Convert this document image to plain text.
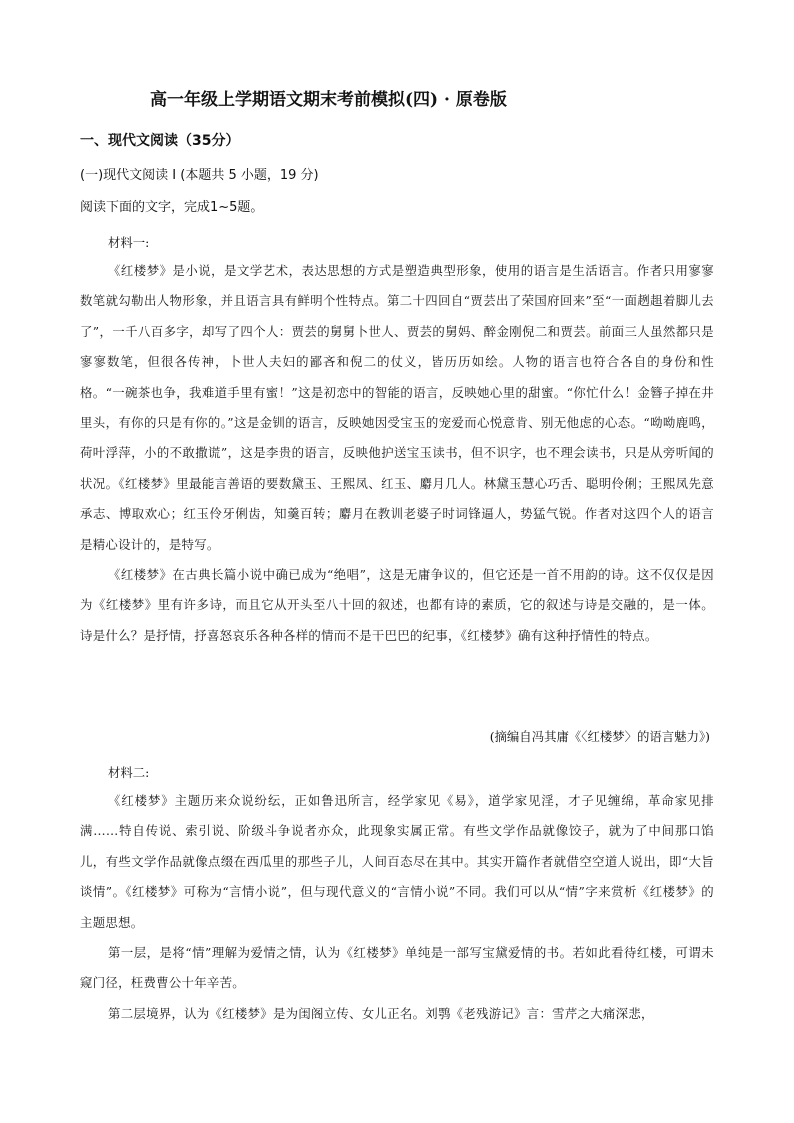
高一年级上学期语文期末考前模拟(四) · 原卷版
一、现代文阅读（35分）
(一)现代文阅读 I (本题共 5 小题，19 分)
阅读下面的文字，完成1~5题。
材料一:

《红楼梦》是小说，是文学艺术，表达思想的方式是塑造典型形象，使用的语言是生活语言。作者只用寥寥数笔就勾勒出人物形象，并且语言具有鲜明个性特点。第二十四回自“贾芸出了荣国府回来”至“一面趔趄着脚儿去了”，一千八百多字，却写了四个人：贾芸的舅舅卜世人、贾芸的舅妈、醉金刚倪二和贾芸。前面三人虽然都只是寥寥数笔，但很各传神，卜世人夫妇的鄙吝和倪二的仗义，皆历历如绘。人物的语言也符合各自的身份和性格。“一碗茶也争，我难道手里有蜜！”这是初恋中的智能的语言，反映她心里的甜蜜。“你忙什么！金簪子掉在井里头，有你的只是有你的。”这是金钏的语言，反映她因受宝玉的宠爱而心悦意肯、别无他虑的心态。“呦呦鹿鸣，荷叶浮萍，小的不敢撒谎”，这是李贵的语言，反映他护送宝玉读书，但不识字，也不理会读书，只是从旁听闻的状况。《红楼梦》里最能言善语的要数黛玉、王熙凤、红玉、麝月几人。林黛玉慧心巧舌、聪明伶俐；王熙凤先意承志、博取欢心；红玉伶牙俐齿，知羹百转；麝月在教训老婆子时词锋逼人，势猛气锐。作者对这四个人的语言是精心设计的，是特写。

《红楼梦》在古典长篇小说中确已成为“绝唱”，这是无庸争议的，但它还是一首不用韵的诗。这不仅仅是因为《红楼梦》里有许多诗，而且它从开头至八十回的叙述，也都有诗的素质，它的叙述与诗是交融的，是一体。诗是什么？是抒情，抒喜怒哀乐各种各样的情而不是干巴巴的纪事，《红楼梦》确有这种抒情性的特点。

(摘编自冯其庸《〈红楼梦〉的语言魅力》)
材料二:

《红楼梦》主题历来众说纷纭，正如鲁迅所言，经学家见《易》，道学家见淫，才子见缠绵，革命家见排满……特自传说、索引说、阶级斗争说者亦众，此现象实属正常。有些文学作品就像饺子，就为了中间那口馅儿，有些文学作品就像点缀在西瓜里的那些子儿，人间百态尽在其中。其实开篇作者就借空空道人说出，即“大旨谈情”。《红楼梦》可称为“言情小说”，但与现代意义的“言情小说”不同。我们可以从“情”字来赏析《红楼梦》的主题思想。

第一层，是将“情”理解为爱情之情，认为《红楼梦》单纯是一部写宝黛爱情的书。若如此看待红楼，可谓未窥门径，枉费曹公十年辛苦。

第二层境界，认为《红楼梦》是为闺阁立传、女儿正名。刘鹗《老残游记》言：雪芹之大痛深悲，
